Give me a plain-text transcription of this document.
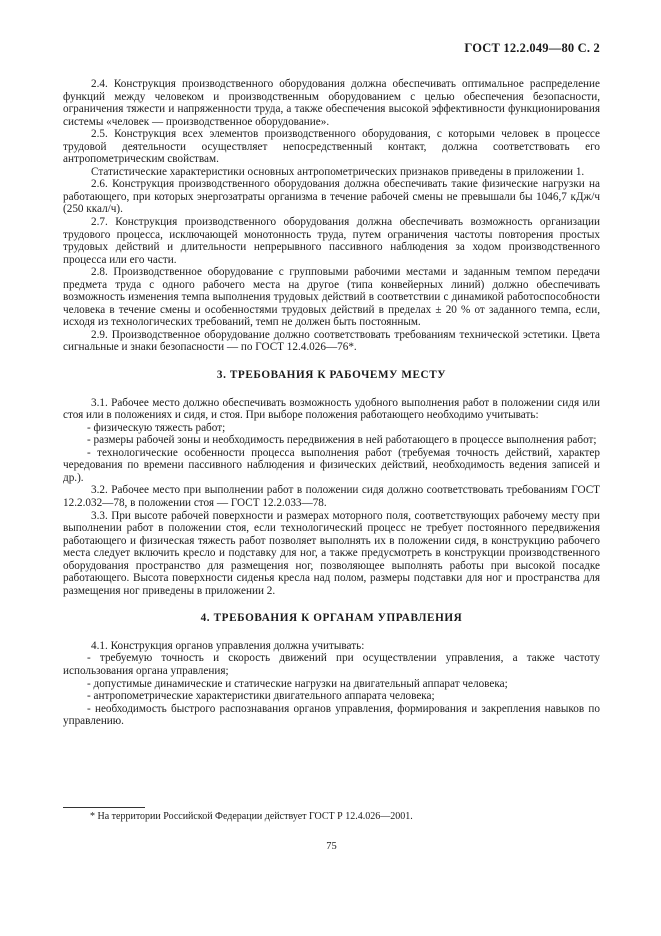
ГОСТ 12.2.049—80 С. 2

2.4. Конструкция производственного оборудования должна обеспечивать оптимальное распределение функций между человеком и производственным оборудованием с целью обеспечения безопасности, ограничения тяжести и напряженности труда, а также обеспечения высокой эффективности функционирования системы «человек — производственное оборудование».

2.5. Конструкция всех элементов производственного оборудования, с которыми человек в процессе трудовой деятельности осуществляет непосредственный контакт, должна соответствовать его антропометрическим свойствам.

Статистические характеристики основных антропометрических признаков приведены в приложении 1.

2.6. Конструкция производственного оборудования должна обеспечивать такие физические нагрузки на работающего, при которых энергозатраты организма в течение рабочей смены не превышали бы 1046,7 кДж/ч (250 ккал/ч).

2.7. Конструкция производственного оборудования должна обеспечивать возможность организации трудового процесса, исключающей монотонность труда, путем ограничения частоты повторения простых трудовых действий и длительности непрерывного пассивного наблюдения за ходом производственного процесса или его части.

2.8. Производственное оборудование с групповыми рабочими местами и заданным темпом передачи предмета труда с одного рабочего места на другое (типа конвейерных линий) должно обеспечивать возможность изменения темпа выполнения трудовых действий в соответствии с динамикой работоспособности человека в течение смены и особенностями трудовых действий в пределах ± 20 % от заданного темпа, если, исходя из технологических требований, темп не должен быть постоянным.

2.9. Производственное оборудование должно соответствовать требованиям технической эстетики. Цвета сигнальные и знаки безопасности — по ГОСТ 12.4.026—76*.

3. ТРЕБОВАНИЯ К РАБОЧЕМУ МЕСТУ

3.1. Рабочее место должно обеспечивать возможность удобного выполнения работ в положении сидя или стоя или в положениях и сидя, и стоя. При выборе положения работающего необходимо учитывать:

- физическую тяжесть работ;

- размеры рабочей зоны и необходимость передвижения в ней работающего в процессе выполнения работ;

- технологические особенности процесса выполнения работ (требуемая точность действий, характер чередования по времени пассивного наблюдения и физических действий, необходимость ведения записей и др.).

3.2. Рабочее место при выполнении работ в положении сидя должно соответствовать требованиям ГОСТ 12.2.032—78, в положении стоя — ГОСТ 12.2.033—78.

3.3. При высоте рабочей поверхности и размерах моторного поля, соответствующих рабочему месту при выполнении работ в положении стоя, если технологический процесс не требует постоянного передвижения работающего и физическая тяжесть работ позволяет выполнять их в положении сидя, в конструкцию рабочего места следует включить кресло и подставку для ног, а также предусмотреть в конструкции производственного оборудования пространство для размещения ног, позволяющее выполнять работы при высокой посадке работающего. Высота поверхности сиденья кресла над полом, размеры подставки для ног и пространства для размещения ног приведены в приложении 2.

4. ТРЕБОВАНИЯ К ОРГАНАМ УПРАВЛЕНИЯ

4.1. Конструкция органов управления должна учитывать:

- требуемую точность и скорость движений при осуществлении управления, а также частоту использования органа управления;

- допустимые динамические и статические нагрузки на двигательный аппарат человека;

- антропометрические характеристики двигательного аппарата человека;

- необходимость быстрого распознавания органов управления, формирования и закрепления навыков по управлению.

* На территории Российской Федерации действует ГОСТ Р 12.4.026—2001.
75
